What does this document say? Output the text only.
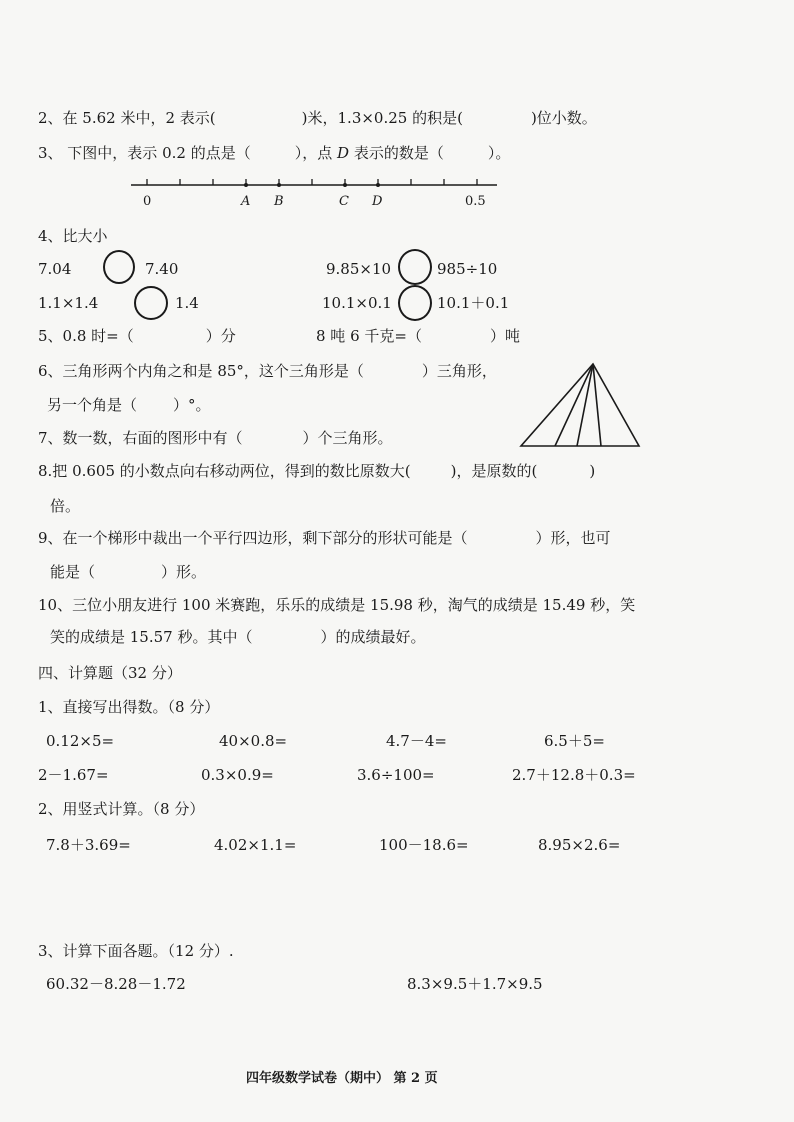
2、在 5.62 米中，2 表示(	)米，1.3×0.25 的积是(	)位小数。
3、 下图中，表示 0.2 的点是（	），点 D 表示的数是（	）。
0	A B	C D	0.5
4、比大小
7.04	7.40	9.85×10	985÷10
1.1×1.4	1.4	10.1×0.1	10.1＋0.1
5、0.8 时=（	）分	8 吨 6 千克=（	）吨
6、三角形两个内角之和是 85°，这个三角形是（	）三角形，
另一个角是（ ）°。
7、数一数，右面的图形中有（	）个三角形。
8.把 0.605 的小数点向右移动两位，得到的数比原数大(	)，是原数的(	)
倍。
9、在一个梯形中裁出一个平行四边形，剩下部分的形状可能是（	）形，也可
能是（	）形。
10、三位小朋友进行 100 米赛跑，乐乐的成绩是 15.98 秒，淘气的成绩是 15.49 秒，笑
笑的成绩是 15.57 秒。其中（	）的成绩最好。
四、计算题（32 分）
1、直接写出得数。（8 分）
0.12×5=	40×0.8=	4.7－4=	6.5＋5=
2－1.67=	0.3×0.9=	3.6÷100=	2.7＋12.8＋0.3=
2、用竖式计算。（8 分）
7.8＋3.69=	4.02×1.1=	100－18.6=	8.95×2.6=
3、计算下面各题。（12 分）.
60.32－8.28－1.72	8.3×9.5＋1.7×9.5
四年级数学试卷（期中） 第 2 页
